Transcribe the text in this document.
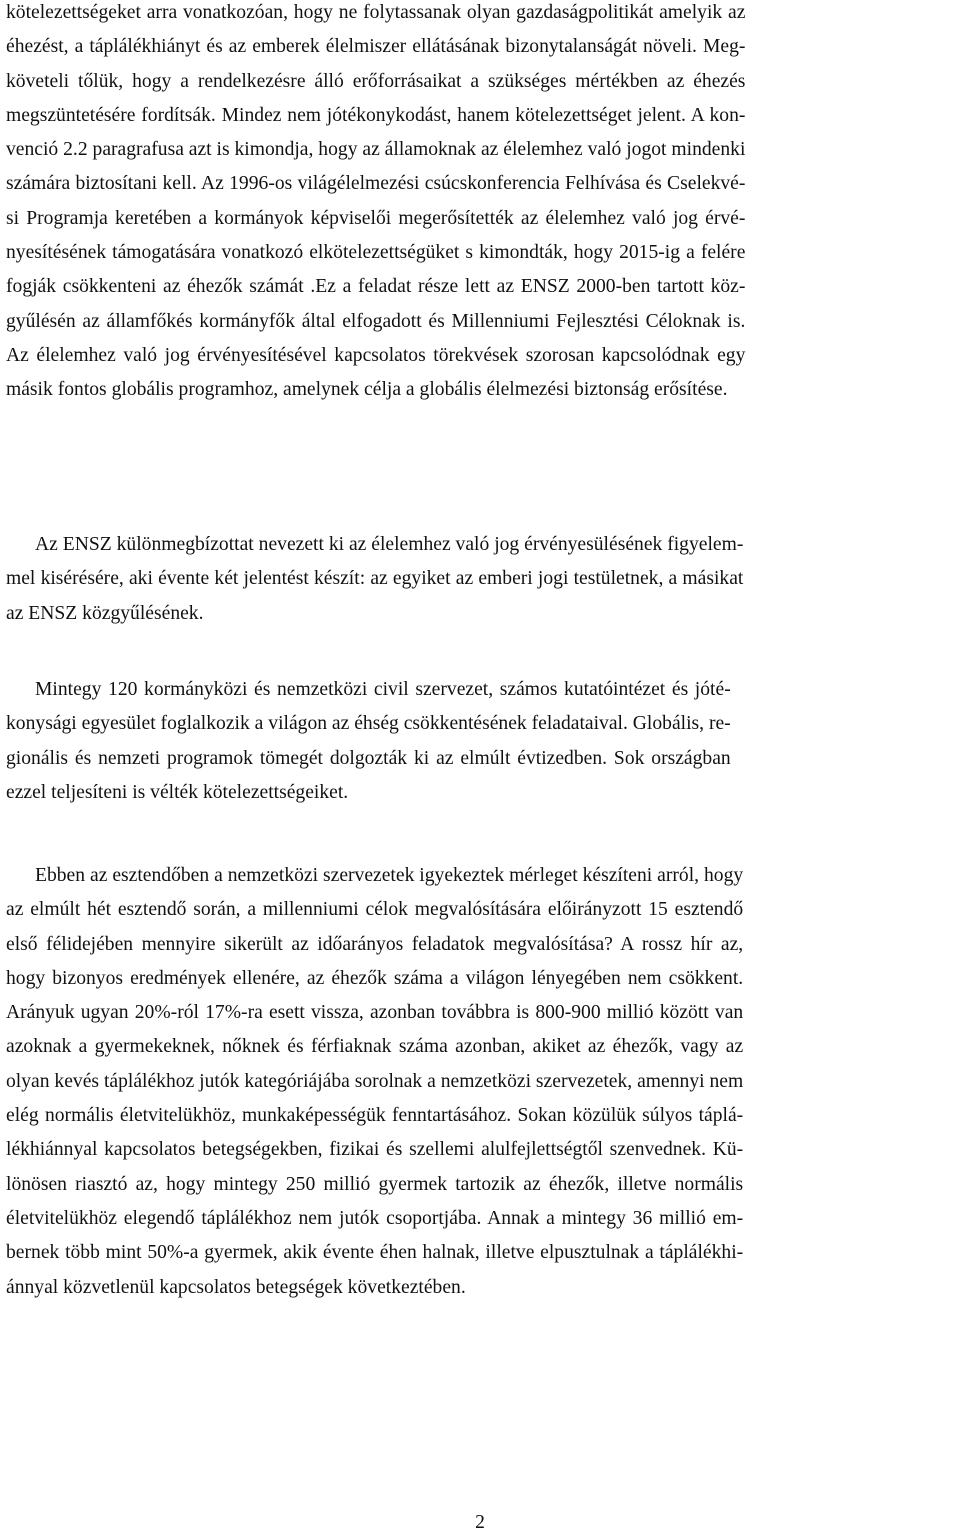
kötelezettségeket arra vonatkozóan, hogy ne folytassanak olyan gazdaságpolitikát amelyik az
éhezést, a táplálékhiányt és az emberek élelmiszer ellátásának bizonytalanságát növeli. Meg-
követeli tőlük, hogy a rendelkezésre álló erőforrásaikat a szükséges mértékben az éhezés
megszüntetésére fordítsák. Mindez nem jótékonykodást, hanem kötelezettséget jelent. A kon-
venció 2.2 paragrafusa azt is kimondja, hogy az államoknak az élelemhez való jogot mindenki
számára biztosítani kell. Az 1996-os világélelmezési csúcskonferencia Felhívása és Cselekvé-
si Programja keretében a kormányok képviselői megerősítették az élelemhez való jog érvé-
nyesítésének támogatására vonatkozó elkötelezettségüket s kimondták, hogy 2015-ig a felére
fogják csökkenteni az éhezők számát .Ez a feladat része lett az ENSZ 2000-ben tartott köz-
gyűlésén az államfőkés kormányfők által elfogadott és Millenniumi Fejlesztési Céloknak is.
Az élelemhez való jog érvényesítésével kapcsolatos törekvések szorosan kapcsolódnak egy
másik fontos globális programhoz, amelynek célja a globális élelmezési biztonság erősítése.

Az ENSZ különmegbízottat nevezett ki az élelemhez való jog érvényesülésének figyelem-
mel kisérésére, aki évente két jelentést készít: az egyiket az emberi jogi testületnek, a másikat
az ENSZ közgyűlésének.

Mintegy 120 kormányközi és nemzetközi civil szervezet, számos kutatóintézet és jóté-
konysági egyesület foglalkozik a világon az éhség csökkentésének feladataival. Globális, re-
gionális és nemzeti programok tömegét dolgozták ki az elmúlt évtizedben. Sok országban
ezzel teljesíteni is vélték kötelezettségeiket.

Ebben az esztendőben a nemzetközi szervezetek igyekeztek mérleget készíteni arról, hogy
az elmúlt hét esztendő során, a millenniumi célok megvalósítására előirányzott 15 esztendő
első félidejében mennyire sikerült az időarányos feladatok megvalósítása? A rossz hír az,
hogy bizonyos eredmények ellenére, az éhezők száma a világon lényegében nem csökkent.
Arányuk ugyan 20%-ról 17%-ra esett vissza, azonban továbbra is 800-900 millió között van
azoknak a gyermekeknek, nőknek és férfiaknak száma azonban, akiket az éhezők, vagy az
olyan kevés táplálékhoz jutók kategóriájába sorolnak a nemzetközi szervezetek, amennyi nem
elég normális életvitelükhöz, munkaképességük fenntartásához. Sokan közülük súlyos táplá-
lékhiánnyal kapcsolatos betegségekben, fizikai és szellemi alulfejlettségtől szenvednek. Kü-
lönösen riasztó az, hogy mintegy 250 millió gyermek tartozik az éhezők, illetve normális
életvitelükhöz elegendő táplálékhoz nem jutók csoportjába. Annak a mintegy 36 millió em-
bernek több mint 50%-a gyermek, akik évente éhen halnak, illetve elpusztulnak a táplálékhi-
ánnyal közvetlenül kapcsolatos betegségek következtében.

2
